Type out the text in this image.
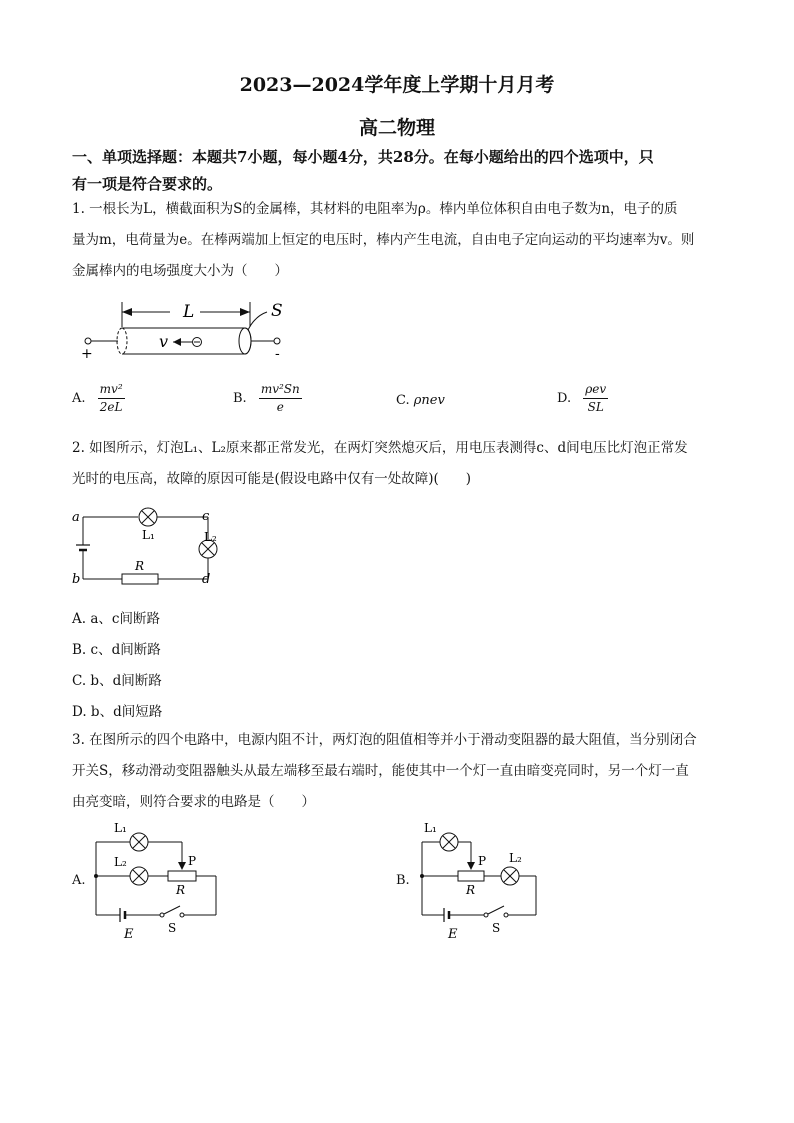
2023—2024学年度上学期十月月考
高二物理
一、单项选择题：本题共7小题，每小题4分，共28分。在每小题给出的四个选项中，只
有一项是符合要求的。
1. 一根长为L，横截面积为S的金属棒，其材料的电阻率为ρ。棒内单位体积自由电子数为n，电子的质
量为m，电荷量为e。在棒两端加上恒定的电压时，棒内产生电流，自由电子定向运动的平均速率为v。则
金属棒内的电场强度大小为（　　）
L
+	-
S
v
A. $\frac{\text{mv²}}{2eL}$	B. $\frac{\text{mv²Sn}}{e}$	C. ρnev	D. $\frac{\text{ρev}}{SL}$
2. 如图所示，灯泡L₁、L₂原来都正常发光，在两灯突然熄灭后，用电压表测得c、d间电压比灯泡正常发
光时的电压高，故障的原因可能是(假设电路中仅有一处故障)(　　)
a
b
c
d
L₁	L₂
R
A. a、c间断路
B. c、d间断路
C. b、d间断路
D. b、d间短路
3. 在图所示的四个电路中，电源内阻不计，两灯泡的阻值相等并小于滑动变阻器的最大阻值，当分别闭合
开关S，移动滑动变阻器触头从最左端移至最右端时，能使其中一个灯一直由暗变亮同时，另一个灯一直
由亮变暗，则符合要求的电路是（　　）
A.
L₁
L₂	P
R
E	S
B.
L₁
L₂
P
R
E	S
